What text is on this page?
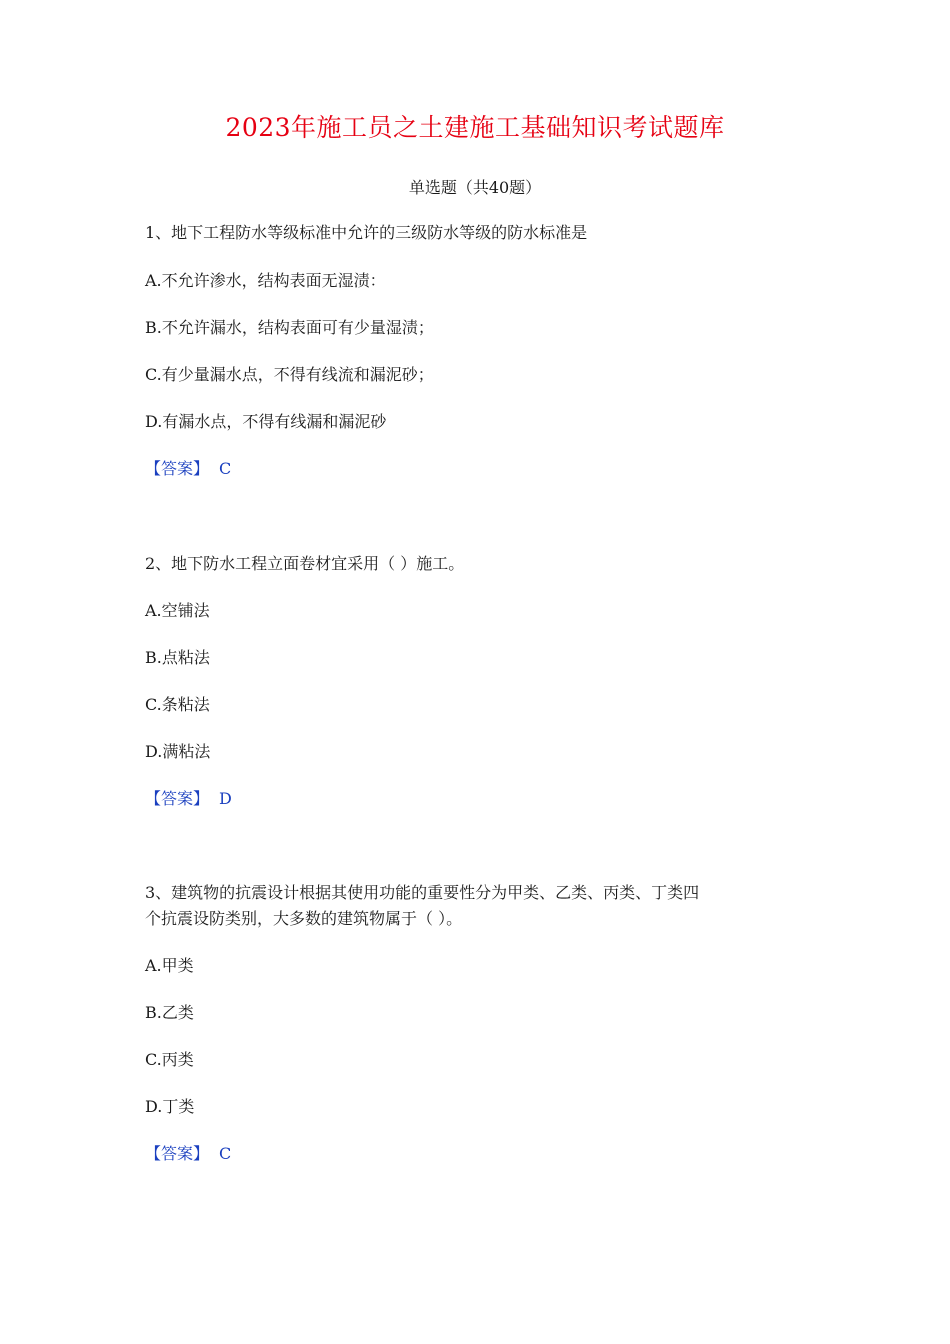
2023年施工员之土建施工基础知识考试题库
单选题（共40题）
1、地下工程防水等级标准中允许的三级防水等级的防水标准是
A.不允许渗水，结构表面无湿渍：
B.不允许漏水，结构表面可有少量湿渍；
C.有少量漏水点，不得有线流和漏泥砂；
D.有漏水点，不得有线漏和漏泥砂
【答案】 C
2、地下防水工程立面卷材宜采用（ ）施工。
A.空铺法
B.点粘法
C.条粘法
D.满粘法
【答案】 D
3、建筑物的抗震设计根据其使用功能的重要性分为甲类、乙类、丙类、丁类四
个抗震设防类别，大多数的建筑物属于（ ）。
A.甲类
B.乙类
C.丙类
D.丁类
【答案】 C
